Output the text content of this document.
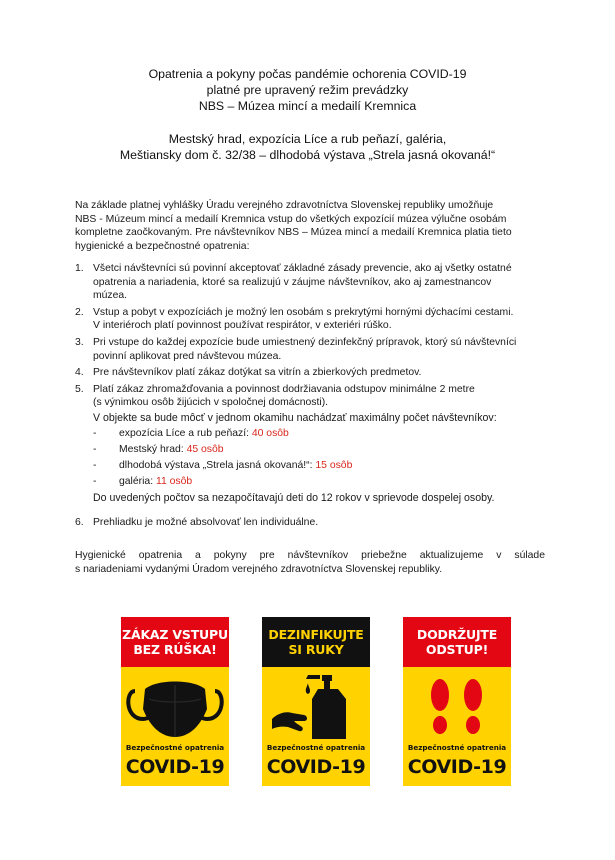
Opatrenia a pokyny počas pandémie ochorenia COVID-19
platné pre upravený režim prevádzky
NBS – Múzea mincí a medailí Kremnica
Mestský hrad, expozícia Líce a rub peňazí, galéria,
Meštiansky dom č. 32/38 – dlhodobá výstava „Strela jasná okovaná!“
Na základe platnej vyhlášky Úradu verejného zdravotníctva Slovenskej republiky umožňuje
NBS - Múzeum mincí a medailí Kremnica vstup do všetkých expozícií múzea výlučne osobám
kompletne zaočkovaným. Pre návštevníkov NBS – Múzea mincí a medailí Kremnica platia tieto
hygienické a bezpečnostné opatrenia:
1. Všetci návštevníci sú povinní akceptovať základné zásady prevencie, ako aj všetky ostatné
opatrenia a nariadenia, ktoré sa realizujú v záujme návštevníkov, ako aj zamestnancov
múzea.
2. Vstup a pobyt v expozíciách je možný len osobám s prekrytými hornými dýchacími cestami.
V interiéroch platí povinnost používat respirátor, v exteriéri rúško.
3. Pri vstupe do každej expozície bude umiestnený dezinfekčný prípravok, ktorý sú návštevníci
povinní aplikovat pred návštevou múzea.
4. Pre návštevníkov platí zákaz dotýkat sa vitrín a zbierkových predmetov.
5. Platí zákaz zhromažďovania a povinnost dodržiavania odstupov minimálne 2 metre
(s výnimkou osôb žijúcich v spoločnej domácnosti).
V objekte sa bude môcť v jednom okamihu nachádzať maximálny počet návštevníkov:
- expozícia Líce a rub peňazí: 40 osôb
- Mestský hrad: 45 osôb
- dlhodobá výstava „Strela jasná okovaná!“: 15 osôb
- galéria: 11 osôb
Do uvedených počtov sa nezapočítavajú deti do 12 rokov v sprievode dospelej osoby.
6. Prehliadku je možné absolvovať len individuálne.
Hygienické opatrenia a pokyny pre návštevníkov priebežne aktualizujeme v súlade
s nariadeniami vydanými Úradom verejného zdravotníctva Slovenskej republiky.
ZÁKAZ VSTUPU
BEZ RÚŠKA!
Bezpečnostné opatrenia
COVID-19
DEZINFIKUJTE
SI RUKY
Bezpečnostné opatrenia
COVID-19
DODRŽUJTE
ODSTUP!
Bezpečnostné opatrenia
COVID-19
